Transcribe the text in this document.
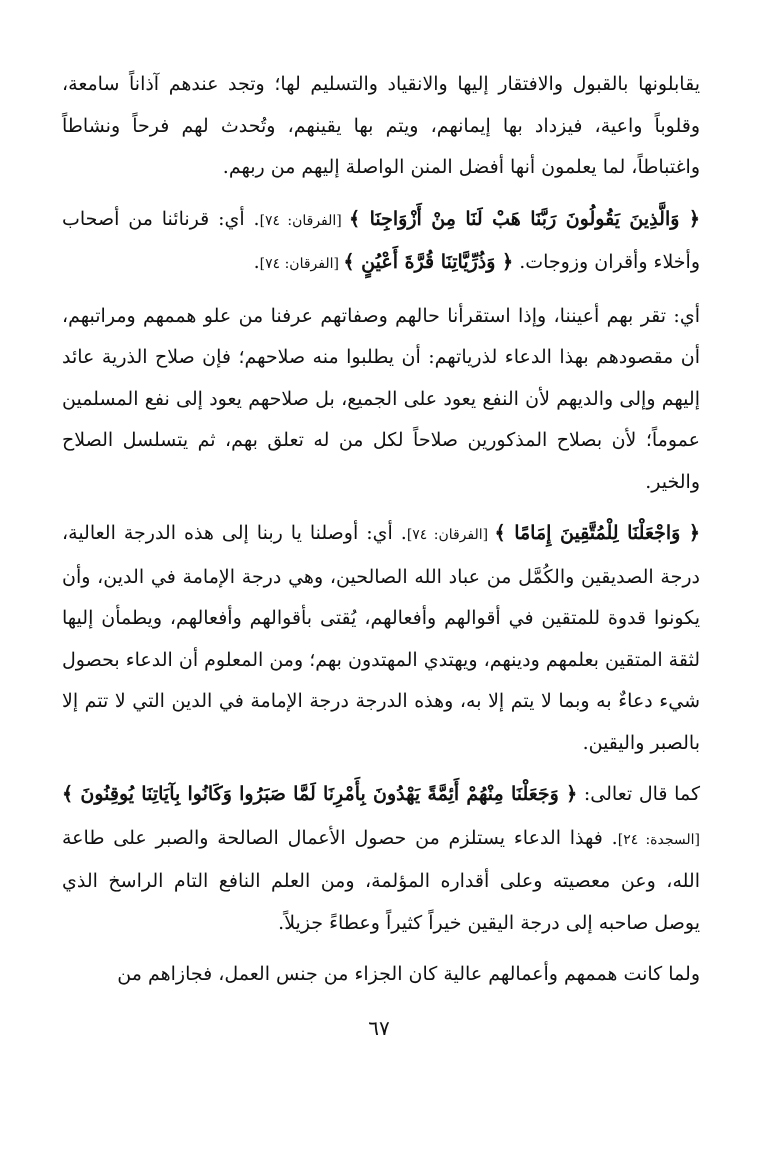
يقابلونها بالقبول والافتقار إليها والانقياد والتسليم لها؛ وتجد عندهم آذاناً سامعة، وقلوباً واعية، فيزداد بها إيمانهم، ويتم بها يقينهم، وتُحدث لهم فرحاً ونشاطاً واغتباطاً، لما يعلمون أنها أفضل المنن الواصلة إليهم من ربهم.

﴿ وَالَّذِينَ يَقُولُونَ رَبَّنَا هَبْ لَنَا مِنْ أَزْوَاجِنَا ﴾ [الفرقان: ٧٤]. أي: قرنائنا من أصحاب وأخلاء وأقران وزوجات. ﴿ وَذُرِّيَّاتِنَا قُرَّةَ أَعْيُنٍ ﴾ [الفرقان: ٧٤].

أي: تقر بهم أعيننا، وإذا استقرأنا حالهم وصفاتهم عرفنا من علو هممهم ومراتبهم، أن مقصودهم بهذا الدعاء لذرياتهم: أن يطلبوا منه صلاحهم؛ فإن صلاح الذرية عائد إليهم وإلى والديهم لأن النفع يعود على الجميع، بل صلاحهم يعود إلى نفع المسلمين عموماً؛ لأن بصلاح المذكورين صلاحاً لكل من له تعلق بهم، ثم يتسلسل الصلاح والخير.

﴿ وَاجْعَلْنَا لِلْمُتَّقِينَ إِمَامًا ﴾ [الفرقان: ٧٤]. أي: أوصلنا يا ربنا إلى هذه الدرجة العالية، درجة الصديقين والكُمَّل من عباد الله الصالحين، وهي درجة الإمامة في الدين، وأن يكونوا قدوة للمتقين في أقوالهم وأفعالهم، يُقتى بأقوالهم وأفعالهم، ويطمأن إليها لثقة المتقين بعلمهم ودينهم، ويهتدي المهتدون بهم؛ ومن المعلوم أن الدعاء بحصول شيء دعاءٌ به وبما لا يتم إلا به، وهذه الدرجة درجة الإمامة في الدين التي لا تتم إلا بالصبر واليقين.

كما قال تعالى: ﴿ وَجَعَلْنَا مِنْهُمْ أَئِمَّةً يَهْدُونَ بِأَمْرِنَا لَمَّا صَبَرُوا وَكَانُوا بِآيَاتِنَا يُوقِنُونَ ﴾ [السجدة: ٢٤]. فهذا الدعاء يستلزم من حصول الأعمال الصالحة والصبر على طاعة الله، وعن معصيته وعلى أقداره المؤلمة، ومن العلم النافع التام الراسخ الذي يوصل صاحبه إلى درجة اليقين خيراً كثيراً وعطاءً جزيلاً.

ولما كانت هممهم وأعمالهم عالية كان الجزاء من جنس العمل، فجازاهم من

٦٧
